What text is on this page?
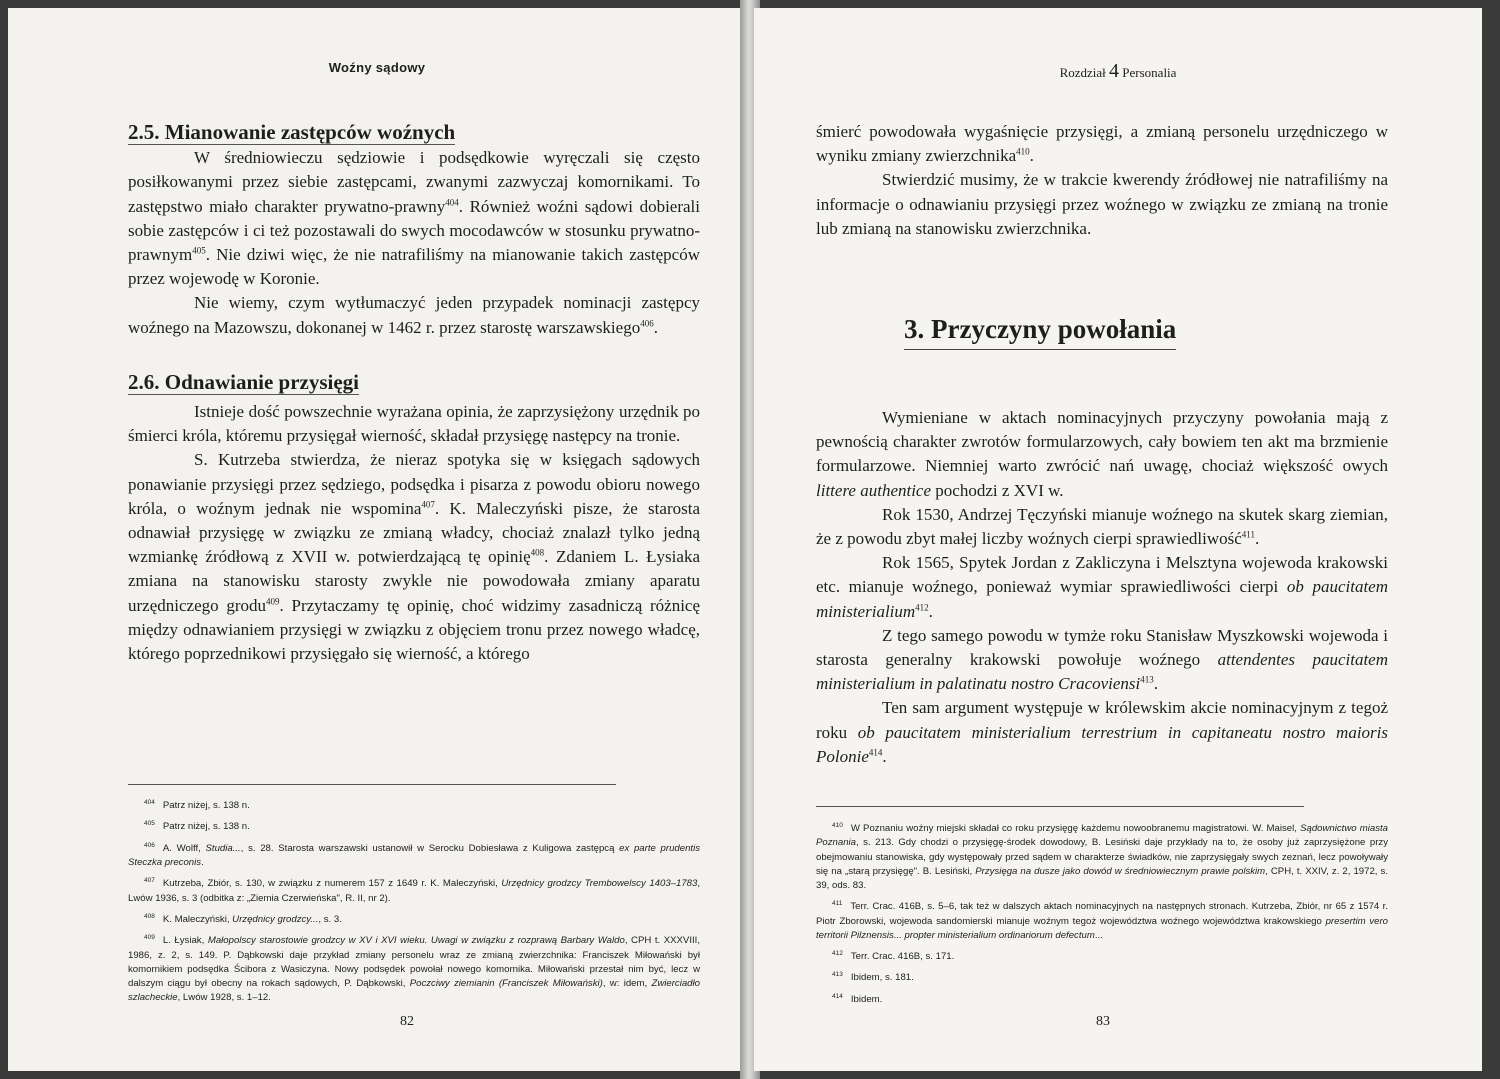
Woźny sądowy
2.5. Mianowanie zastępców woźnych

W średniowieczu sędziowie i podsędkowie wyręczali się często posiłkowanymi przez siebie zastępcami, zwanymi zazwyczaj komornikami. To zastępstwo miało charakter prywatno-prawny$^{404}$. Również woźni sądowi dobierali sobie zastępców i ci też pozostawali do swych mocodawców w stosunku prywatno-prawnym$^{405}$. Nie dziwi więc, że nie natrafiliśmy na mianowanie takich zastępców przez wojewodę w Koronie.

Nie wiemy, czym wytłumaczyć jeden przypadek nominacji zastępcy woźnego na Mazowszu, dokonanej w 1462 r. przez starostę warszawskiego$^{406}$.

2.6. Odnawianie przysięgi

Istnieje dość powszechnie wyrażana opinia, że zaprzysiężony urzędnik po śmierci króla, któremu przysięgał wierność, składał przysięgę następcy na tronie.

S. Kutrzeba stwierdza, że nieraz spotyka się w księgach sądowych ponawianie przysięgi przez sędziego, podsędka i pisarza z powodu obioru nowego króla, o woźnym jednak nie wspomina$^{407}$. K. Maleczyński pisze, że starosta odnawiał przysięgę w związku ze zmianą władcy, chociaż znalazł tylko jedną wzmiankę źródłową z XVII w. potwierdzającą tę opinię$^{408}$. Zdaniem L. Łysiaka zmiana na stanowisku starosty zwykle nie powodowała zmiany aparatu urzędniczego grodu$^{409}$. Przytaczamy tę opinię, choć widzimy zasadniczą różnicę między odnawianiem przysięgi w związku z objęciem tronu przez nowego władcę, którego poprzednikowi przysięgało się wierność, a którego

$^{404}$ Patrz niżej, s. 138 n.

$^{405}$ Patrz niżej, s. 138 n.

$^{406}$ A. Wolff, Studia..., s. 28. Starosta warszawski ustanowił w Serocku Dobiesława z Kuligowa zastępcą ex parte prudentis Steczka preconis.

$^{407}$ Kutrzeba, Zbiór, s. 130, w związku z numerem 157 z 1649 r. K. Maleczyński, Urzędnicy grodzcy Trembowelscy 1403–1783, Lwów 1936, s. 3 (odbitka z: „Ziemia Czerwieńska", R. II, nr 2).

$^{408}$ K. Maleczyński, Urzędnicy grodzcy..., s. 3.

$^{409}$ L. Łysiak, Małopolscy starostowie grodzcy w XV i XVI wieku. Uwagi w związku z rozprawą Barbary Waldo, CPH t. XXXVIII, 1986, z. 2, s. 149. P. Dąbkowski daje przykład zmiany personelu wraz ze zmianą zwierzchnika: Franciszek Miłowański był komornikiem podsędka Ścibora z Wasiczyna. Nowy podsędek powołał nowego komornika. Miłowański przestał nim być, lecz w dalszym ciągu był obecny na rokach sądowych, P. Dąbkowski, Poczciwy ziemianin (Franciszek Miłowański), w: idem, Zwierciadło szlacheckie, Lwów 1928, s. 1–12.

82
Rozdział 4 Personalia

śmierć powodowała wygaśnięcie przysięgi, a zmianą personelu urzędniczego w wyniku zmiany zwierzchnika$^{410}$.

Stwierdzić musimy, że w trakcie kwerendy źródłowej nie natrafiliśmy na informacje o odnawianiu przysięgi przez woźnego w związku ze zmianą na tronie lub zmianą na stanowisku zwierzchnika.

3. Przyczyny powołania

Wymieniane w aktach nominacyjnych przyczyny powołania mają z pewnością charakter zwrotów formularzowych, cały bowiem ten akt ma brzmienie formularzowe. Niemniej warto zwrócić nań uwagę, chociaż większość owych littere authentice pochodzi z XVI w.

Rok 1530, Andrzej Tęczyński mianuje woźnego na skutek skarg ziemian, że z powodu zbyt małej liczby woźnych cierpi sprawiedliwość$^{411}$.

Rok 1565, Spytek Jordan z Zakliczyna i Melsztyna wojewoda krakowski etc. mianuje woźnego, ponieważ wymiar sprawiedliwości cierpi ob paucitatem ministerialium$^{412}$.

Z tego samego powodu w tymże roku Stanisław Myszkowski wojewoda i starosta generalny krakowski powołuje woźnego attendentes paucitatem ministerialium in palatinatu nostro Cracoviensi$^{413}$.

Ten sam argument występuje w królewskim akcie nominacyjnym z tegoż roku ob paucitatem ministerialium terrestrium in capitaneatu nostro maioris Polonie$^{414}$.

$^{410}$ W Poznaniu woźny miejski składał co roku przysięgę każdemu nowoobranemu magistratowi. W. Maisel, Sądownictwo miasta Poznania, s. 213. Gdy chodzi o przysięgę-środek dowodowy, B. Lesiński daje przykłady na to, że osoby już zaprzysiężone przy obejmowaniu stanowiska, gdy występowały przed sądem w charakterze świadków, nie zaprzysięgały swych zeznań, lecz powoływały się na „starą przysięgę". B. Lesiński, Przysięga na dusze jako dowód w średniowiecznym prawie polskim, CPH, t. XXIV, z. 2, 1972, s. 39, ods. 83.

$^{411}$ Terr. Crac. 416B, s. 5–6, tak też w dalszych aktach nominacyjnych na następnych stronach. Kutrzeba, Zbiór, nr 65 z 1574 r. Piotr Zborowski, wojewoda sandomierski mianuje woźnym tegoż województwa woźnego województwa krakowskiego presertim vero territorii Pilznensis... propter ministerialium ordinariorum defectum...

$^{412}$ Terr. Crac. 416B, s. 171.

$^{413}$ Ibidem, s. 181.

$^{414}$ Ibidem.

83
